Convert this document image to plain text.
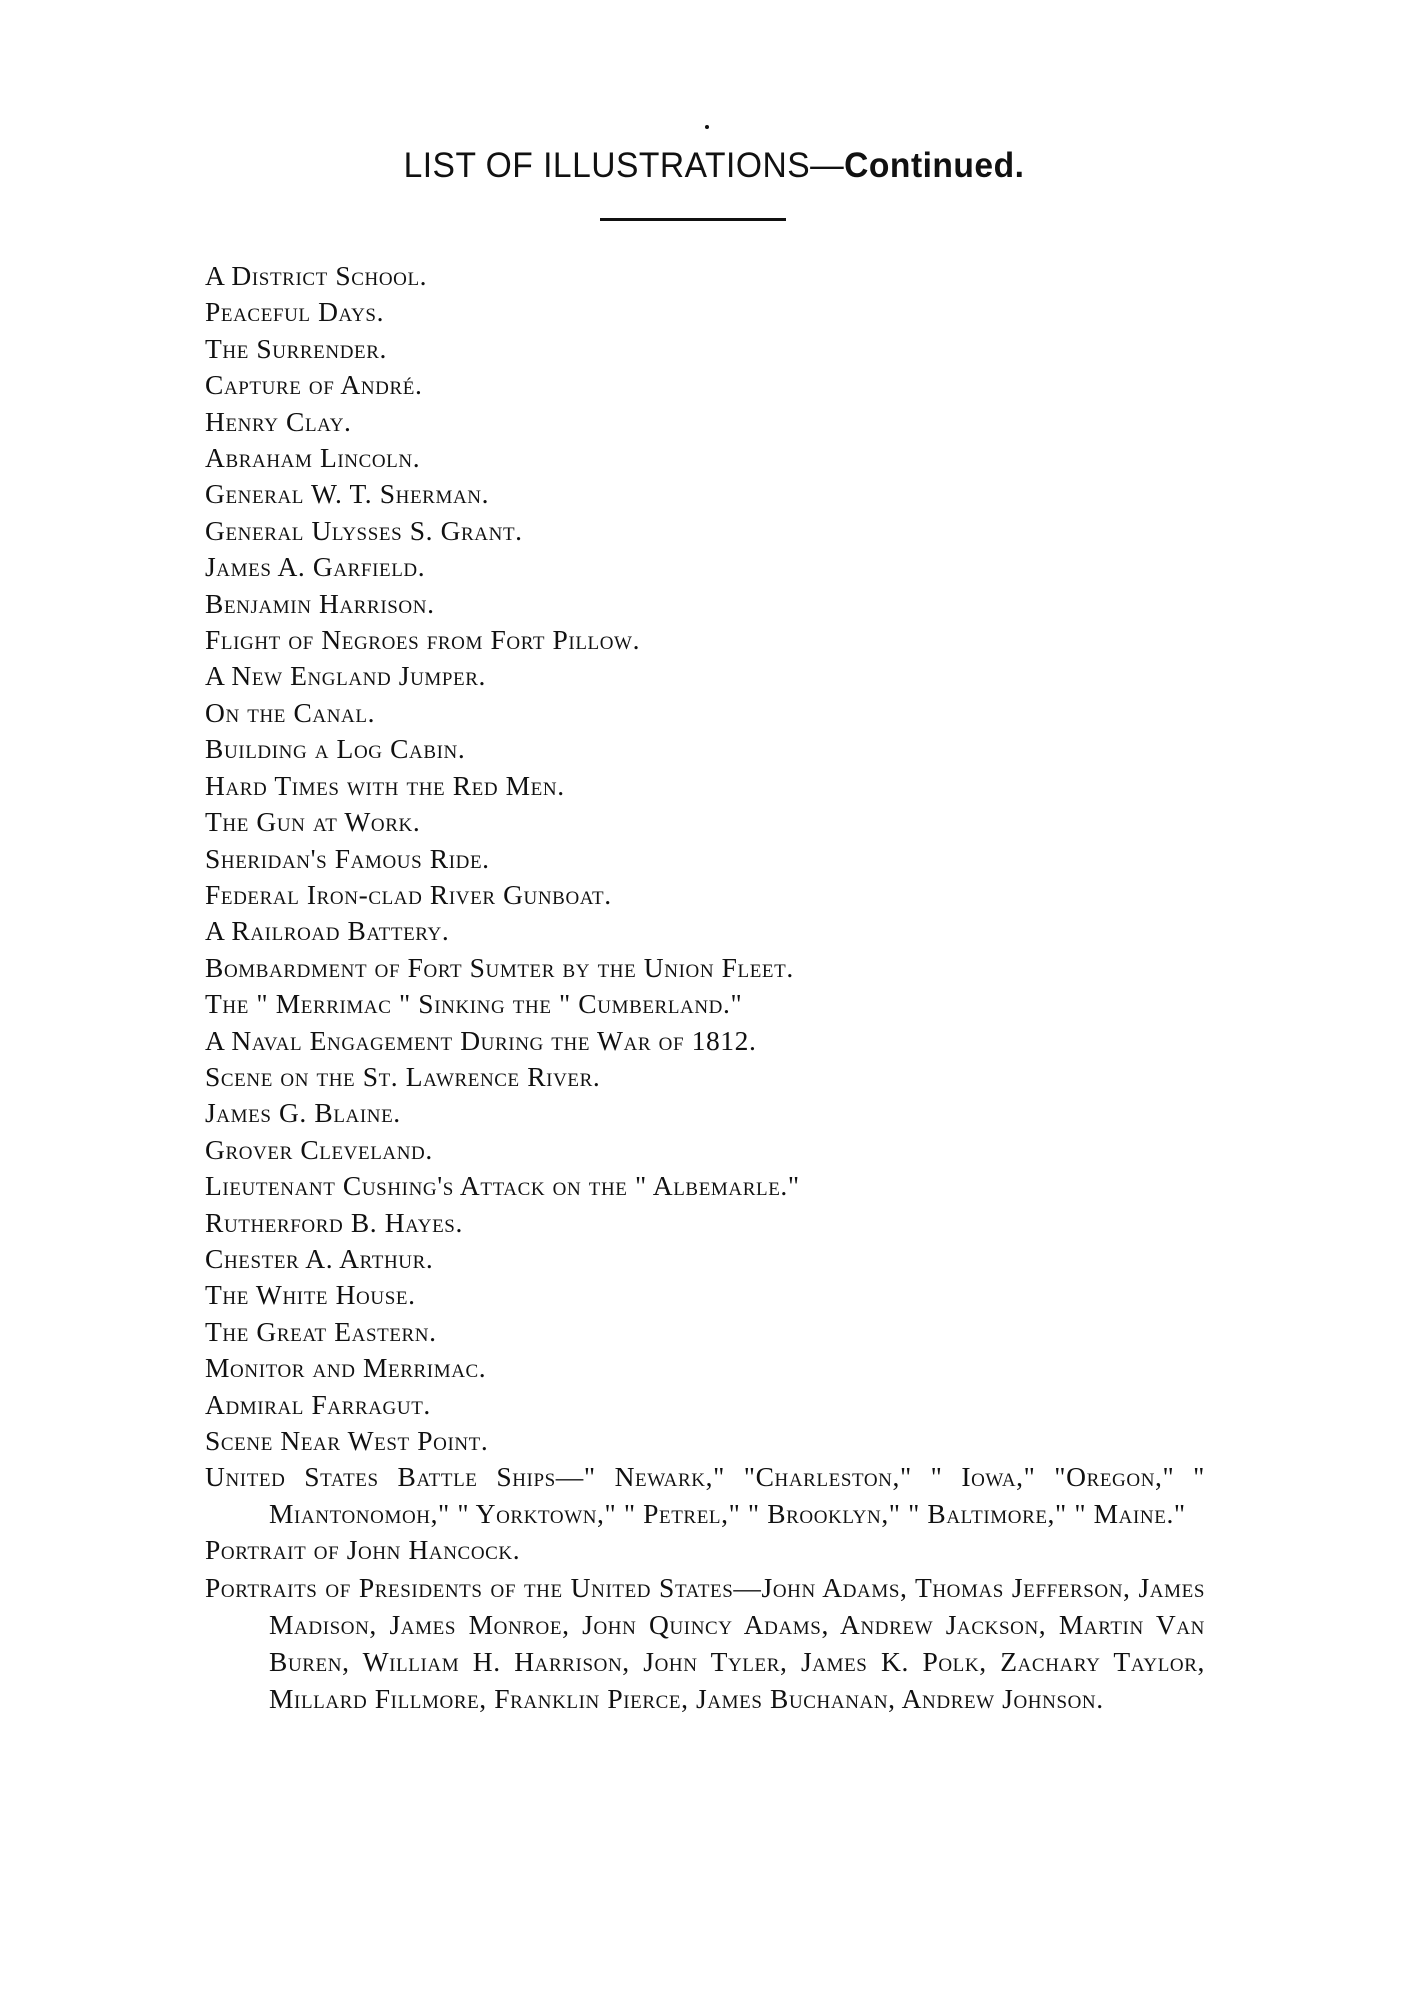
LIST OF ILLUSTRATIONS—Continued.
A District School.
Peaceful Days.
The Surrender.
Capture of André.
Henry Clay.
Abraham Lincoln.
General W. T. Sherman.
General Ulysses S. Grant.
James A. Garfield.
Benjamin Harrison.
Flight of Negroes from Fort Pillow.
A New England Jumper.
On the Canal.
Building a Log Cabin.
Hard Times with the Red Men.
The Gun at Work.
Sheridan's Famous Ride.
Federal Iron-clad River Gunboat.
A Railroad Battery.
Bombardment of Fort Sumter by the Union Fleet.
The " Merrimac " Sinking the " Cumberland."
A Naval Engagement During the War of 1812.
Scene on the St. Lawrence River.
James G. Blaine.
Grover Cleveland.
Lieutenant Cushing's Attack on the " Albemarle."
Rutherford B. Hayes.
Chester A. Arthur.
The White House.
The Great Eastern.
Monitor and Merrimac.
Admiral Farragut.
Scene Near West Point.
United States Battle Ships—" Newark," "Charleston," " Iowa," "Oregon," " Miantonomoh," " Yorktown," " Petrel," " Brooklyn," " Baltimore," " Maine."
Portrait of John Hancock.
Portraits of Presidents of the United States—John Adams, Thomas Jefferson, James Madison, James Monroe, John Quincy Adams, Andrew Jackson, Martin Van Buren, William H. Harrison, John Tyler, James K. Polk, Zachary Taylor, Millard Fillmore, Franklin Pierce, James Buchanan, Andrew Johnson.
